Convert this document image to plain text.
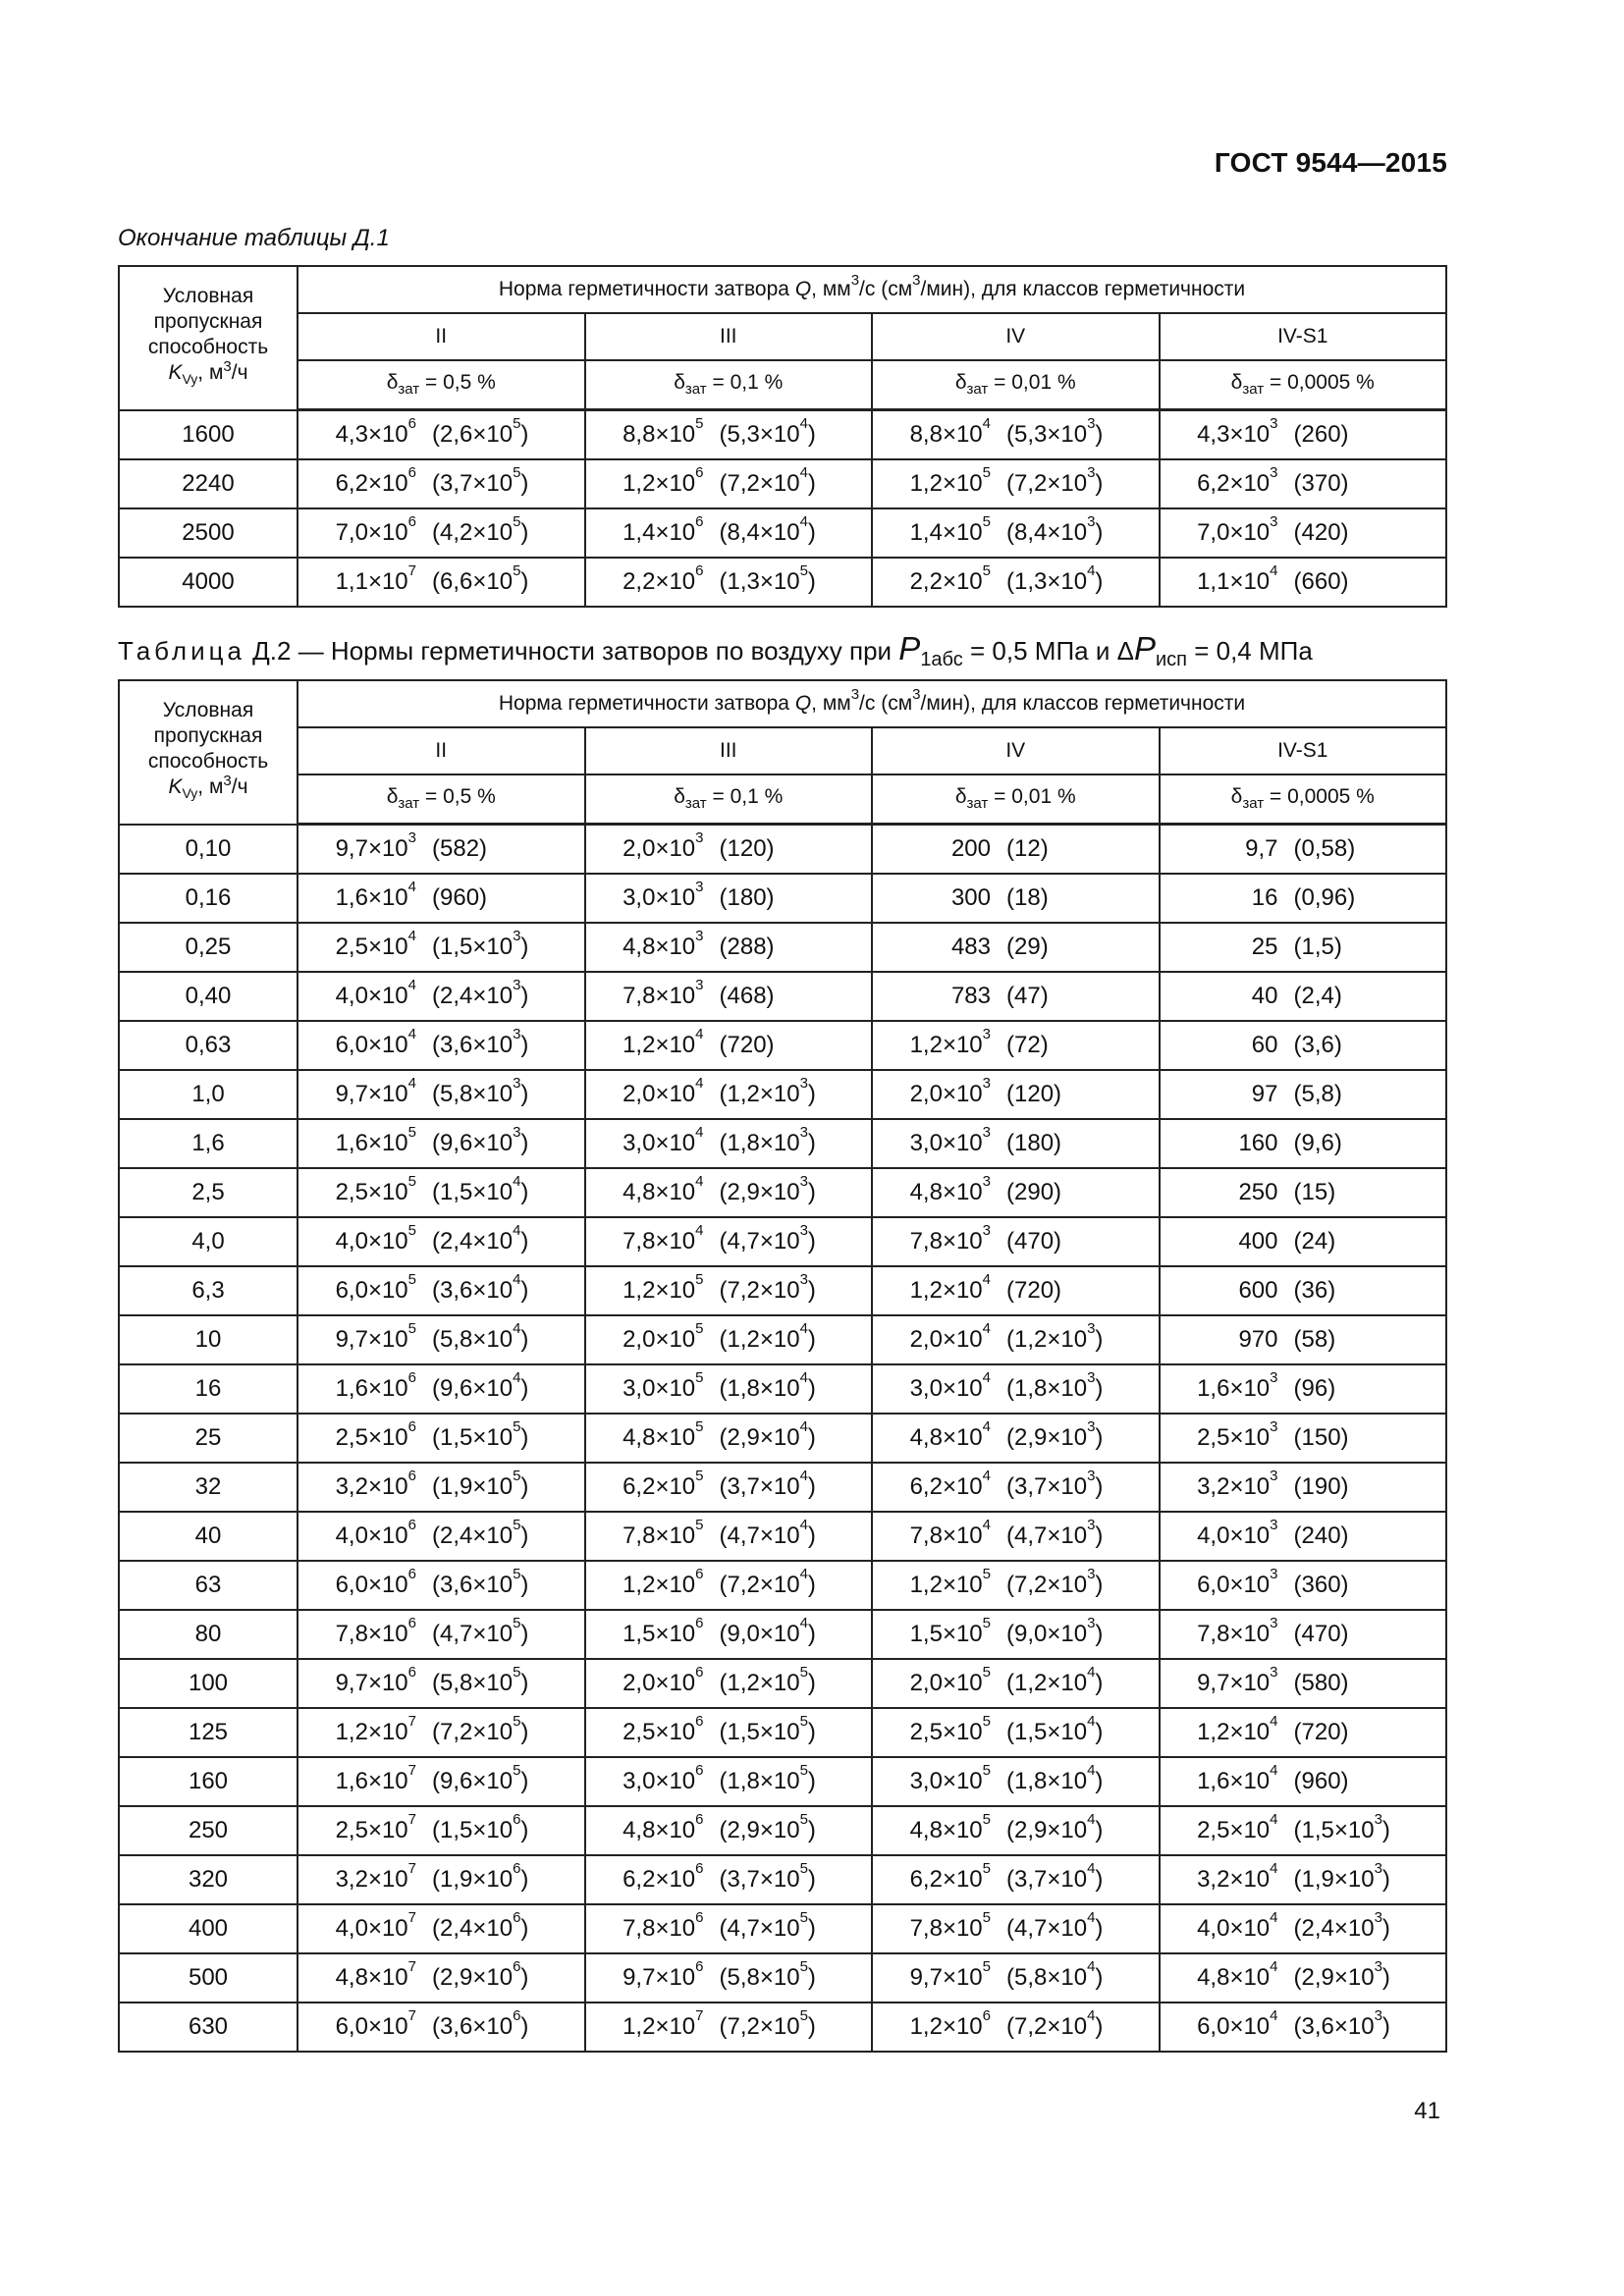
ГОСТ 9544—2015
Окончание таблицы Д.1
Условная
пропускная
способность
$K_{Vy}$, $м^3/ч$	Норма герметичности затвора Q, $мм^3/с$ $(см^3/мин)$, для классов герметичности			
	II	III	IV	IV-S1
	$\delta_{зат} = 0,5$ %	$\delta_{зат} = 0,1$ %	$\delta_{зат} = 0,01$ %	$\delta_{зат} = 0,0005$ %
1600	$4,3\times 10^6$ $(2,6\times 10^5)$	$8,8\times 10^5$ $(5,3\times 10^4)$	$8,8\times 10^4$ $(5,3\times 10^3)$	$4,3\times 10^3$ (260)

2240	$6,2\times 10^6$ $(3,7\times 10^5)$	$1,2\times 10^6$ $(7,2\times 10^4)$	$1,2\times 10^5$ $(7,2\times 10^3)$	$6,2\times 10^3$ (370)

2500	$7,0\times 10^6$ $(4,2\times 10^5)$	$1,4\times 10^6$ $(8,4\times 10^4)$	$1,4\times 10^5$ $(8,4\times 10^3)$	$7,0\times 10^3$ (420)

4000	$1,1\times 10^7$ $(6,6\times 10^5)$	$2,2\times 10^6$ $(1,3\times 10^5)$	$2,2\times 10^5$ $(1,3\times 10^4)$	$1,1\times 10^4$ (660)
Таблица Д.2 — Нормы герметичности затворов по воздуху при $P_{1абс} = 0,5$ МПа и $\Delta P_{исп} = 0,4$ МПа
Условная
пропускная
способность
$K_{Vy}$, $м^3/ч$	Норма герметичности затвора Q, $мм^3/с$ $(см^3/мин)$, для классов герметичности			
	II	III	IV	IV-S1
	$\delta_{зат} = 0,5$ %	$\delta_{зат} = 0,1$ %	$\delta_{зат} = 0,01$ %	$\delta_{зат} = 0,0005$ %
0,10	$9,7\times 10^3$ (582)	$2,0\times 10^3$ (120)	200 (12)	9,7 (0,58)

0,16	$1,6\times 10^4$ (960)	$3,0\times 10^3$ (180)	300 (18)	16 (0,96)

0,25	$2,5\times 10^4$ $(1,5\times 10^3)$	$4,8\times 10^3$ (288)	483 (29)	25 (1,5)

0,40	$4,0\times 10^4$ $(2,4\times 10^3)$	$7,8\times 10^3$ (468)	783 (47)	40 (2,4)

0,63	$6,0\times 10^4$ $(3,6\times 10^3)$	$1,2\times 10^4$ (720)	$1,2\times 10^3$ (72)	60 (3,6)

1,0	$9,7\times 10^4$ $(5,8\times 10^3)$	$2,0\times 10^4$ $(1,2\times 10^3)$	$2,0\times 10^3$ (120)	97 (5,8)

1,6	$1,6\times 10^5$ $(9,6\times 10^3)$	$3,0\times 10^4$ $(1,8\times 10^3)$	$3,0\times 10^3$ (180)	160 (9,6)

2,5	$2,5\times 10^5$ $(1,5\times 10^4)$	$4,8\times 10^4$ $(2,9\times 10^3)$	$4,8\times 10^3$ (290)	250 (15)

4,0	$4,0\times 10^5$ $(2,4\times 10^4)$	$7,8\times 10^4$ $(4,7\times 10^3)$	$7,8\times 10^3$ (470)	400 (24)

6,3	$6,0\times 10^5$ $(3,6\times 10^4)$	$1,2\times 10^5$ $(7,2\times 10^3)$	$1,2\times 10^4$ (720)	600 (36)

10	$9,7\times 10^5$ $(5,8\times 10^4)$	$2,0\times 10^5$ $(1,2\times 10^4)$	$2,0\times 10^4$ $(1,2\times 10^3)$	970 (58)

16	$1,6\times 10^6$ $(9,6\times 10^4)$	$3,0\times 10^5$ $(1,8\times 10^4)$	$3,0\times 10^4$ $(1,8\times 10^3)$	$1,6\times 10^3$ (96)

25	$2,5\times 10^6$ $(1,5\times 10^5)$	$4,8\times 10^5$ $(2,9\times 10^4)$	$4,8\times 10^4$ $(2,9\times 10^3)$	$2,5\times 10^3$ (150)

32	$3,2\times 10^6$ $(1,9\times 10^5)$	$6,2\times 10^5$ $(3,7\times 10^4)$	$6,2\times 10^4$ $(3,7\times 10^3)$	$3,2\times 10^3$ (190)

40	$4,0\times 10^6$ $(2,4\times 10^5)$	$7,8\times 10^5$ $(4,7\times 10^4)$	$7,8\times 10^4$ $(4,7\times 10^3)$	$4,0\times 10^3$ (240)

63	$6,0\times 10^6$ $(3,6\times 10^5)$	$1,2\times 10^6$ $(7,2\times 10^4)$	$1,2\times 10^5$ $(7,2\times 10^3)$	$6,0\times 10^3$ (360)

80	$7,8\times 10^6$ $(4,7\times 10^5)$	$1,5\times 10^6$ $(9,0\times 10^4)$	$1,5\times 10^5$ $(9,0\times 10^3)$	$7,8\times 10^3$ (470)

100	$9,7\times 10^6$ $(5,8\times 10^5)$	$2,0\times 10^6$ $(1,2\times 10^5)$	$2,0\times 10^5$ $(1,2\times 10^4)$	$9,7\times 10^3$ (580)

125	$1,2\times 10^7$ $(7,2\times 10^5)$	$2,5\times 10^6$ $(1,5\times 10^5)$	$2,5\times 10^5$ $(1,5\times 10^4)$	$1,2\times 10^4$ (720)

160	$1,6\times 10^7$ $(9,6\times 10^5)$	$3,0\times 10^6$ $(1,8\times 10^5)$	$3,0\times 10^5$ $(1,8\times 10^4)$	$1,6\times 10^4$ (960)

250	$2,5\times 10^7$ $(1,5\times 10^6)$	$4,8\times 10^6$ $(2,9\times 10^5)$	$4,8\times 10^5$ $(2,9\times 10^4)$	$2,5\times 10^4$ $(1,5\times 10^3)$

320	$3,2\times 10^7$ $(1,9\times 10^6)$	$6,2\times 10^6$ $(3,7\times 10^5)$	$6,2\times 10^5$ $(3,7\times 10^4)$	$3,2\times 10^4$ $(1,9\times 10^3)$

400	$4,0\times 10^7$ $(2,4\times 10^6)$	$7,8\times 10^6$ $(4,7\times 10^5)$	$7,8\times 10^5$ $(4,7\times 10^4)$	$4,0\times 10^4$ $(2,4\times 10^3)$

500	$4,8\times 10^7$ $(2,9\times 10^6)$	$9,7\times 10^6$ $(5,8\times 10^5)$	$9,7\times 10^5$ $(5,8\times 10^4)$	$4,8\times 10^4$ $(2,9\times 10^3)$

630	$6,0\times 10^7$ $(3,6\times 10^6)$	$1,2\times 10^7$ $(7,2\times 10^5)$	$1,2\times 10^6$ $(7,2\times 10^4)$	$6,0\times 10^4$ $(3,6\times 10^3)$
41
